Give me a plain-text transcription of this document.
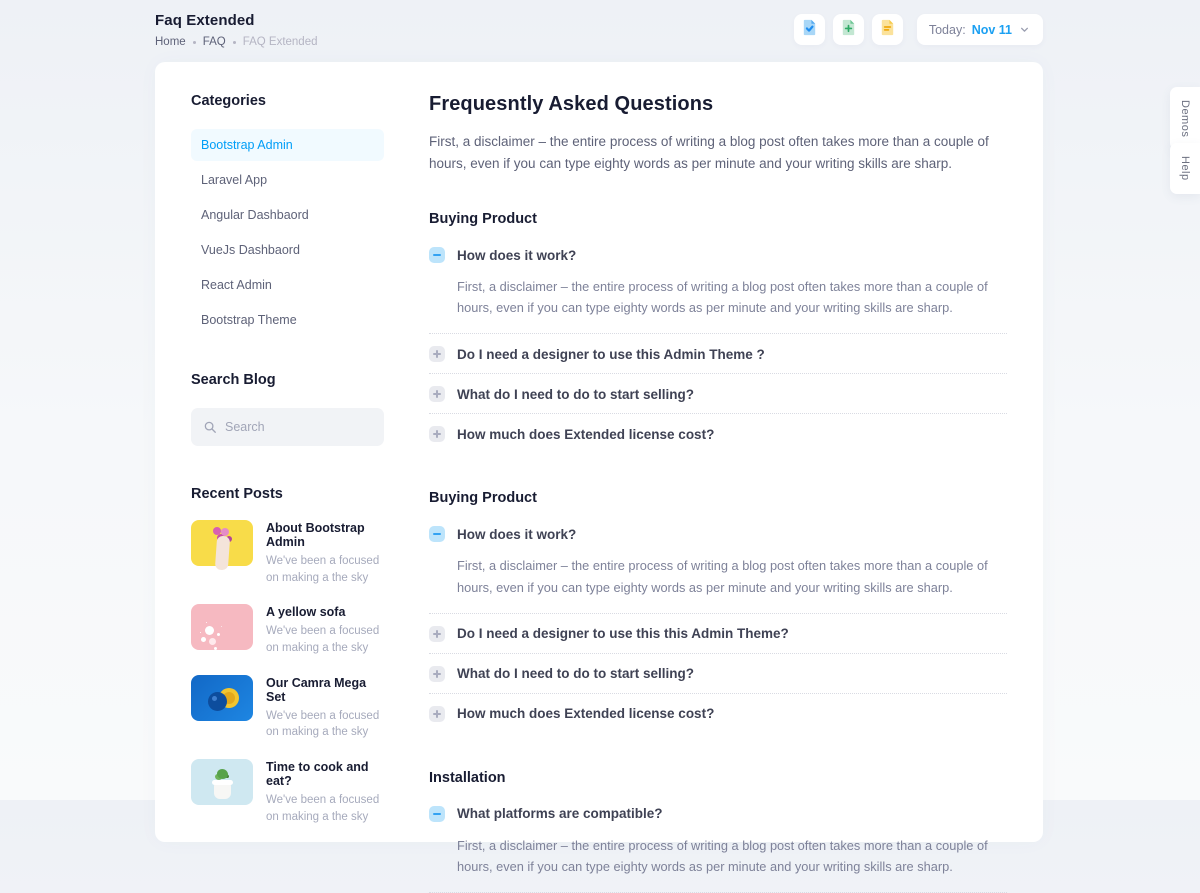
Faq Extended
Home FAQ FAQ Extended
Today: Nov 11
Demos
Help
Categories
Bootstrap Admin
Laravel App
Angular Dashbaord
VueJs Dashbaord
React Admin
Bootstrap Theme
Search Blog
Search
Recent Posts
About Bootstrap Admin
We've been a focused on making a the sky
A yellow sofa
We've been a focused on making a the sky
Our Camra Mega Set
We've been a focused on making a the sky
Time to cook and eat?
We've been a focused on making a the sky
Frequesntly Asked Questions
First, a disclaimer – the entire process of writing a blog post often takes more than a couple of hours, even if you can type eighty words as per minute and your writing skills are sharp.
Buying Product
How does it work?
First, a disclaimer – the entire process of writing a blog post often takes more than a couple of hours, even if you can type eighty words as per minute and your writing skills are sharp.
Do I need a designer to use this Admin Theme ?
What do I need to do to start selling?
How much does Extended license cost?
Buying Product
How does it work?
First, a disclaimer – the entire process of writing a blog post often takes more than a couple of hours, even if you can type eighty words as per minute and your writing skills are sharp.
Do I need a designer to use this this Admin Theme?
What do I need to do to start selling?
How much does Extended license cost?
Installation
What platforms are compatible?
First, a disclaimer – the entire process of writing a blog post often takes more than a couple of hours, even if you can type eighty words as per minute and your writing skills are sharp.
